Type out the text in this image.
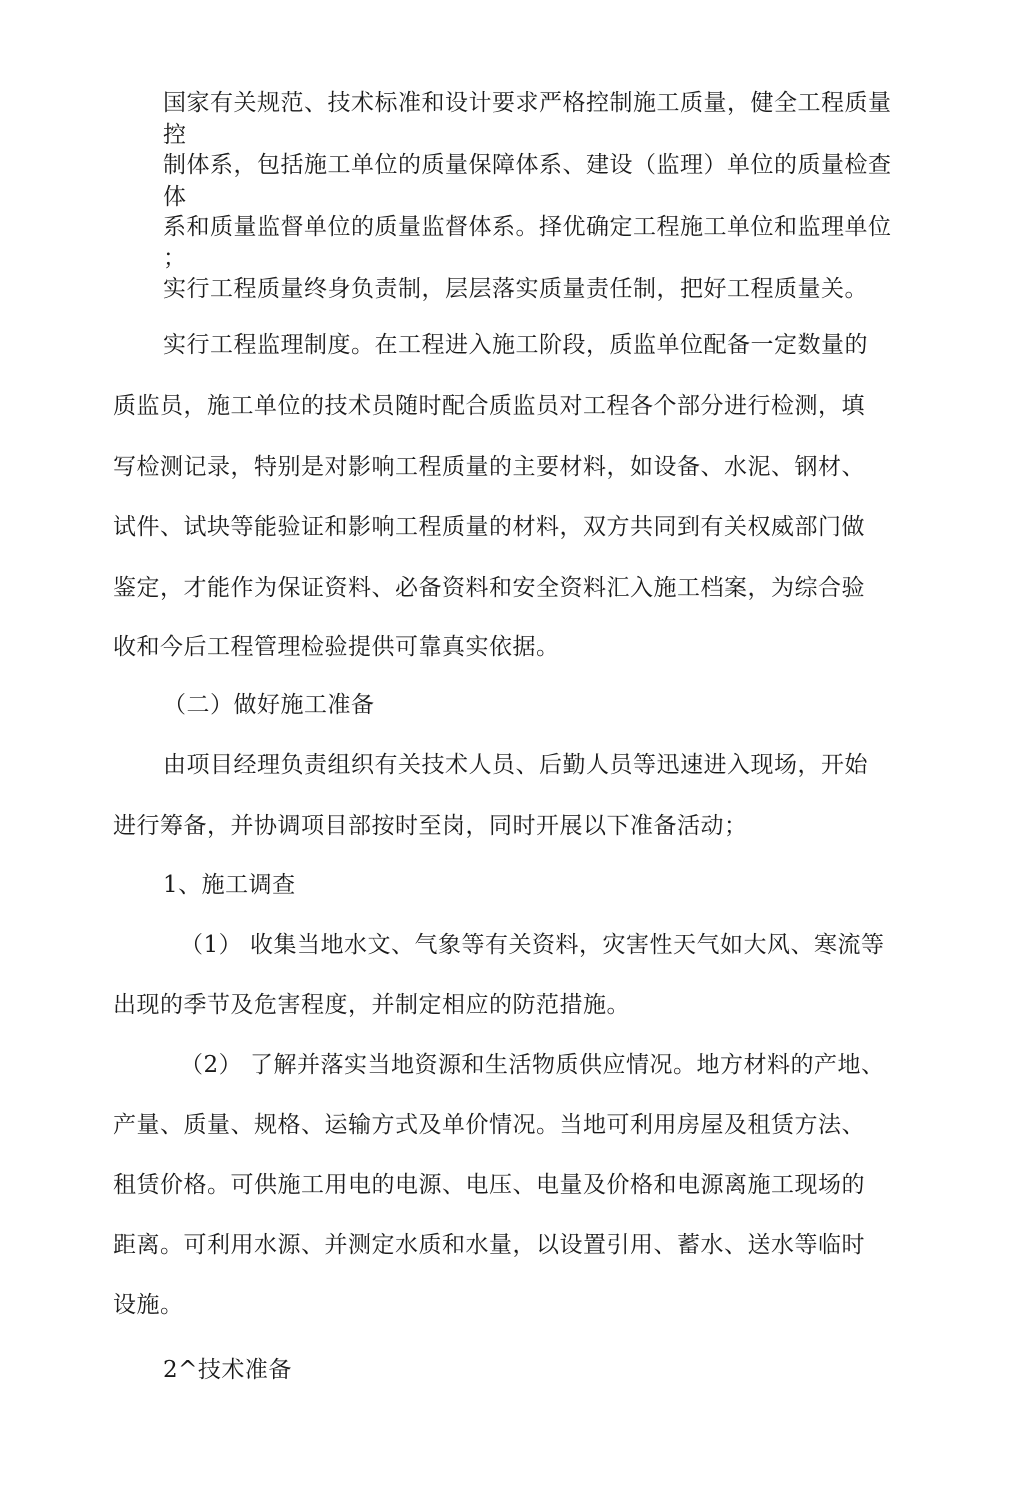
国家有关规范、技术标准和设计要求严格控制施工质量，健全工程质量
控
制体系，包括施工单位的质量保障体系、建设（监理）单位的质量检查
体
系和质量监督单位的质量监督体系。择优确定工程施工单位和监理单位
；
实行工程质量终身负责制，层层落实质量责任制，把好工程质量关。
实行工程监理制度。在工程进入施工阶段，质监单位配备一定数量的
质监员，施工单位的技术员随时配合质监员对工程各个部分进行检测，填
写检测记录，特别是对影响工程质量的主要材料，如设备、水泥、钢材、
试件、试块等能验证和影响工程质量的材料，双方共同到有关权威部门做
鉴定，才能作为保证资料、必备资料和安全资料汇入施工档案，为综合验
收和今后工程管理检验提供可靠真实依据。
（二）做好施工准备
由项目经理负责组织有关技术人员、后勤人员等迅速进入现场，开始
进行筹备，并协调项目部按时至岗，同时开展以下准备活动；
1、施工调查
（1） 收集当地水文、气象等有关资料，灾害性天气如大风、寒流等
出现的季节及危害程度，并制定相应的防范措施。
（2） 了解并落实当地资源和生活物质供应情况。地方材料的产地、
产量、质量、规格、运输方式及单价情况。当地可利用房屋及租赁方法、
租赁价格。可供施工用电的电源、电压、电量及价格和电源离施工现场的
距离。可利用水源、并测定水质和水量，以设置引用、蓄水、送水等临时
设施。
2^技术准备
